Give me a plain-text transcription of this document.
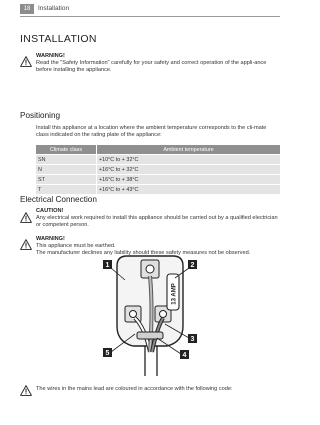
18	Installation
INSTALLATION
WARNING!
Read the "Safety Information" carefully for your safety and correct operation of the appli-ance before installing the appliance.
Positioning
Install this appliance at a location where the ambient temperature corresponds to the cli-mate class indicated on the rating plate of the appliance:
Climate class	Ambient temperature
SN	+10°C to + 32°C
N	+16°C to + 32°C
ST	+16°C to + 38°C
T	+16°C to + 43°C
Electrical Connection
CAUTION!
Any electrical work required to install this appliance should be carried out by a qualified electrician or competent person.
WARNING!
This appliance must be earthed.
The manufacturer declines any liability should these safety measures not be observed.
13 AMP
1	2
3
4
5
The wires in the mains lead are coloured in accordance with the following code:
